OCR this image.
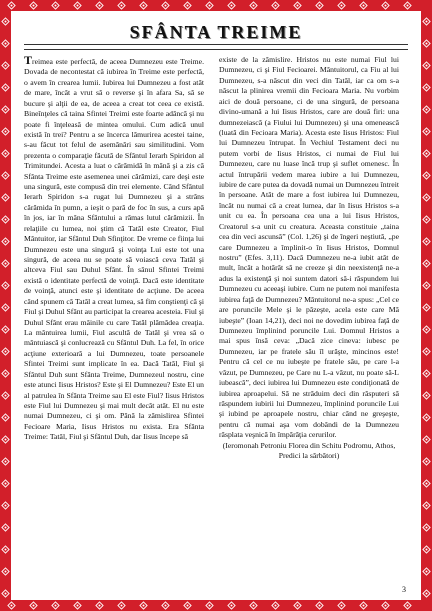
SFÂNTA TREIME

Treimea este perfectă, de aceea Dumnezeu este Treime. Dovada de necontestat că iubirea în Treime este perfectă, o avem în crearea lumii. Iubirea lui Dumnezeu a fost atât de mare, încât a vrut să o reverse şi în afara Sa, să se bucure şi alţii de ea, de aceea a creat tot ceea ce există. Bineînţeles că taina Sfintei Treimi este foarte adâncă şi nu poate fi înţeleasă de mintea omului. Cum adică unul există în trei? Pentru a se încerca lămurirea acestei taine, s-au făcut tot felul de asemănări sau similitudini. Vom prezenta o comparaţie făcută de Sfântul Ierarh Spiridon al Trimitundei. Acesta a luat o cărămidă în mână şi a zis că Sfânta Treime este asemenea unei cărămizi, care deşi este una singură, este compusă din trei elemente. Când Sfântul Ierarh Spiridon s-a rugat lui Dumnezeu şi a strâns cărămida în pumn, a ieşit o pară de foc în sus, a curs apă în jos, iar în mâna Sfântului a rămas lutul cărămizii. În relaţiile cu lumea, noi ştim că Tatăl este Creator, Fiul Mântuitor, iar Sfântul Duh Sfinţitor. De vreme ce fiinţa lui Dumnezeu este una singură şi voinţa Lui este tot una singură, de aceea nu se poate să voiască ceva Tatăl şi altceva Fiul sau Duhul Sfânt. În sânul Sfintei Treimi există o identitate perfectă de voinţă. Dacă este identitate de voinţă, atunci este şi identitate de acţiune. De aceea când spunem că Tatăl a creat lumea, să fim conştienţi că şi Fiul şi Duhul Sfânt au participat la crearea acesteia. Fiul şi Duhul Sfânt erau mâinile cu care Tatăl plămădea creaţia. La mântuirea lumii, Fiul ascultă de Tatăl şi vrea să o mântuiască şi conlucrează cu Sfântul Duh. La fel, în orice acţiune exterioară a lui Dumnezeu, toate persoanele Sfintei Treimi sunt implicate în ea. Dacă Tatăl, Fiul şi Sfântul Duh sunt Sfânta Treime, Dumnezeul nostru, cine este atunci Iisus Hristos? Este şi El Dumnezeu? Este El un al patrulea în Sfânta Treime sau El este Fiul? Iisus Hristos este Fiul lui Dumnezeu şi mai mult decât atât. El nu este numai Dumnezeu, ci şi om. Până la zămislirea Sfintei Fecioare Maria, Iisus Hristos nu exista. Era Sfânta Treime: Tatăl, Fiul şi Sfântul Duh, dar Iisus începe să

existe de la zămislire. Hristos nu este numai Fiul lui Dumnezeu, ci şi Fiul Fecioarei. Mântuitorul, ca Fiu al lui Dumnezeu, s-a născut din veci din Tatăl, iar ca om s-a născut la plinirea vremii din Fecioara Maria. Nu vorbim aici de două persoane, ci de una singură, de persoana divino-umană a lui Iisus Hristos, care are două firi: una dumnezeiască (a Fiului lui Dumnezeu) şi una omenească (luată din Fecioara Maria). Acesta este Iisus Hristos: Fiul lui Dumnezeu întrupat. În Vechiul Testament deci nu putem vorbi de Iisus Hristos, ci numai de Fiul lui Dumnezeu, care nu luase încă trup şi suflet omenesc. În actul întrupării vedem marea iubire a lui Dumnezeu, iubire de care putea da dovadă numai un Dumnezeu întreit în persoane. Atât de mare a fost iubirea lui Dumnezeu, încât nu numai că a creat lumea, dar în Iisus Hristos s-a unit cu ea. În persoana cea una a lui Iisus Hristos, Creatorul s-a unit cu creatura. Aceasta constituie „taina cea din veci ascunsă” (Col. 1,26) şi de îngeri neştiută, „pe care Dumnezeu a împlinit-o în Iisus Hristos, Domnul nostru” (Efes. 3,11). Dacă Dumnezeu ne-a iubit atât de mult, încât a hotărât să ne creeze şi din neexistenţă ne-a adus la existenţă şi noi suntem datori să-i răspundem lui Dumnezeu cu aceeaşi iubire. Cum ne putem noi manifesta iubirea faţă de Dumnezeu? Mântuitorul ne-a spus: „Cel ce are poruncile Mele şi le păzeşte, acela este care Mă iubeşte” (Ioan 14,21), deci noi ne dovedim iubirea faţă de Dumnezeu împlinind poruncile Lui. Domnul Hristos a mai spus însă ceva: „Dacă zice cineva: iubesc pe Dumnezeu, iar pe fratele său îl urăşte, mincinos este! Pentru că cel ce nu iubeşte pe fratele său, pe care l-a văzut, pe Dumnezeu, pe Care nu L-a văzut, nu poate să-L iubească”, deci iubirea lui Dumnezeu este condiţionată de iubirea aproapelui. Să ne străduim deci din răsputeri să răspundem iubirii lui Dumnezeu, împlinind poruncile Lui şi iubind pe aproapele nostru, chiar când ne greşeşte, pentru că numai aşa vom dobândi de la Dumnezeu răsplata veşnică în împărăţia cerurilor.

(Ieromonah Petroniu Florea din Schitu Podromu, Athos, Predici la sărbători)

3
